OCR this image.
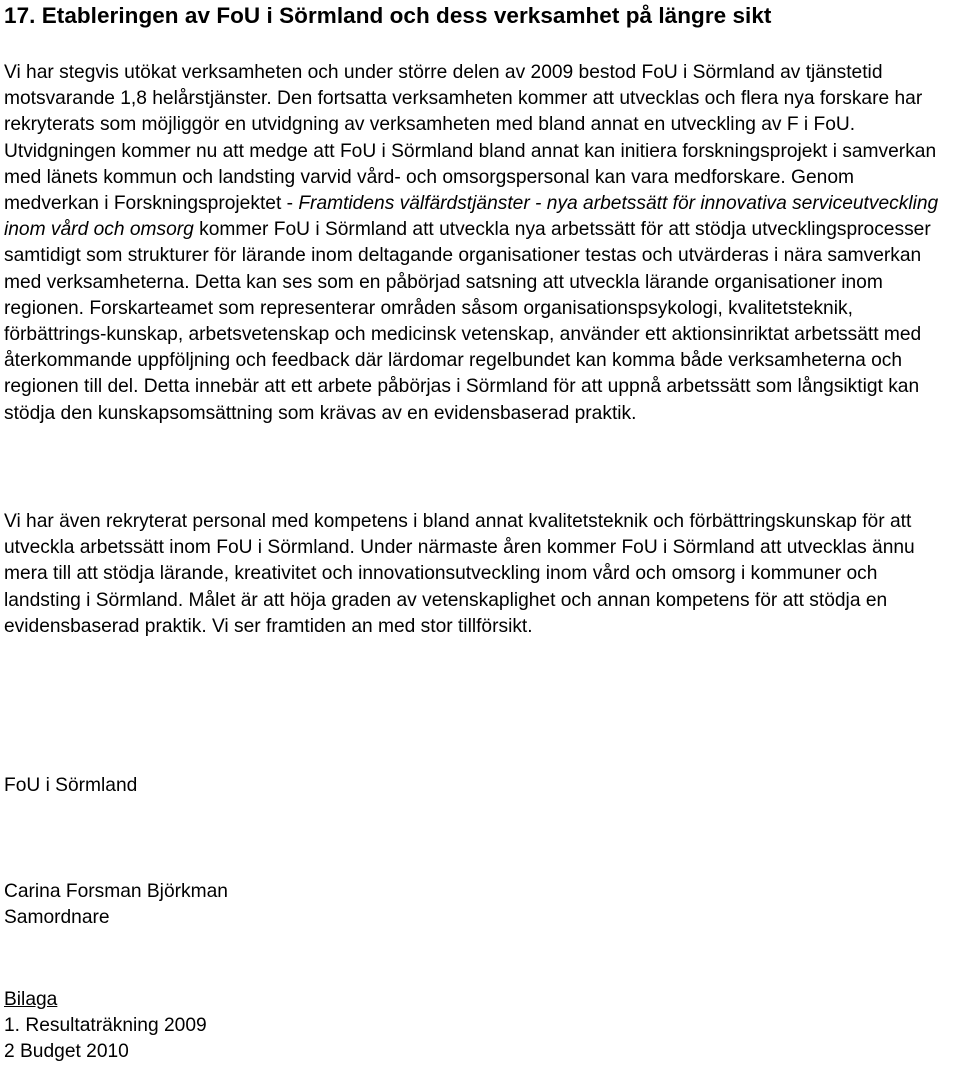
17. Etableringen av FoU i Sörmland och dess verksamhet på längre sikt

Vi har stegvis utökat verksamheten och under större delen av 2009 bestod FoU i Sörmland av tjänstetid motsvarande 1,8 helårstjänster. Den fortsatta verksamheten kommer att utvecklas och flera nya forskare har rekryterats som möjliggör en utvidgning av verksamheten med bland annat en utveckling av F i FoU. Utvidgningen kommer nu att medge att FoU i Sörmland bland annat kan initiera forskningsprojekt i samverkan med länets kommun och landsting varvid vård- och omsorgspersonal kan vara medforskare. Genom medverkan i Forskningsprojektet - Framtidens välfärdstjänster - nya arbetssätt för innovativa serviceutveckling inom vård och omsorg kommer FoU i Sörmland att utveckla nya arbetssätt för att stödja utvecklingsprocesser samtidigt som strukturer för lärande inom deltagande organisationer testas och utvärderas i nära samverkan med verksamheterna. Detta kan ses som en påbörjad satsning att utveckla lärande organisationer inom regionen. Forskarteamet som representerar områden såsom organisationspsykologi, kvalitetsteknik, förbättrings-kunskap, arbetsvetenskap och medicinsk vetenskap, använder ett aktionsinriktat arbetssätt med återkommande uppföljning och feedback där lärdomar regelbundet kan komma både verksamheterna och regionen till del. Detta innebär att ett arbete påbörjas i Sörmland för att uppnå arbetssätt som långsiktigt kan stödja den kunskapsomsättning som krävas av en evidensbaserad praktik.

Vi har även rekryterat personal med kompetens i bland annat kvalitetsteknik och förbättringskunskap för att utveckla arbetssätt inom FoU i Sörmland. Under närmaste åren kommer FoU i Sörmland att utvecklas ännu mera till att stödja lärande, kreativitet och innovationsutveckling inom vård och omsorg i kommuner och landsting i Sörmland. Målet är att höja graden av vetenskaplighet och annan kompetens för att stödja en evidensbaserad praktik. Vi ser framtiden an med stor tillförsikt.

FoU i Sörmland
Carina Forsman Björkman
Samordnare
Bilaga
1. Resultaträkning 2009
2 Budget 2010
